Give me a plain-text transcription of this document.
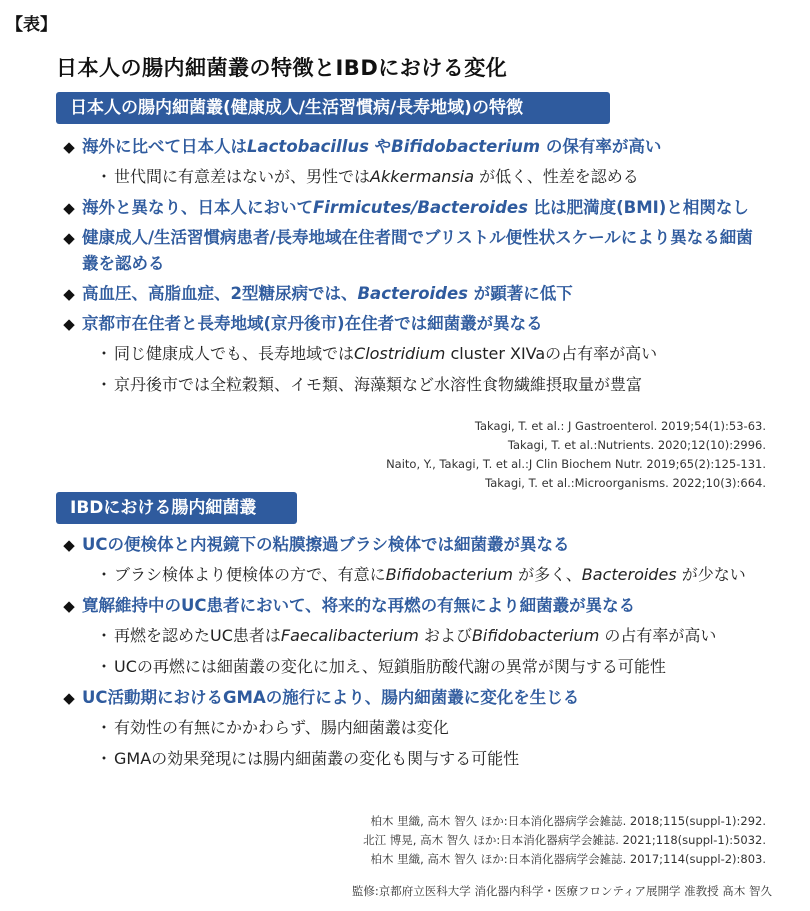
【表】
日本人の腸内細菌叢の特徴とIBDにおける変化
日本人の腸内細菌叢(健康成人/生活習慣病/長寿地域)の特徴
◆ 海外に比べて日本人はLactobacillus やBifidobacterium の保有率が高い
・ 世代間に有意差はないが、男性ではAkkermansia が低く、性差を認める
◆ 海外と異なり、日本人においてFirmicutes/Bacteroides 比は肥満度(BMI)と相関なし
◆ 健康成人/生活習慣病患者/長寿地域在住者間でブリストル便性状スケールにより異なる細菌叢を認める
◆ 高血圧、高脂血症、2型糖尿病では、Bacteroides が顕著に低下
◆ 京都市在住者と長寿地域(京丹後市)在住者では細菌叢が異なる
・ 同じ健康成人でも、長寿地域ではClostridium cluster XIVaの占有率が高い
・ 京丹後市では全粒穀類、イモ類、海藻類など水溶性食物繊維摂取量が豊富
Takagi, T. et al.: J Gastroenterol. 2019;54(1):53-63.
Takagi, T. et al.:Nutrients. 2020;12(10):2996.
Naito, Y., Takagi, T. et al.:J Clin Biochem Nutr. 2019;65(2):125-131.
Takagi, T. et al.:Microorganisms. 2022;10(3):664.
IBDにおける腸内細菌叢
◆ UCの便検体と内視鏡下の粘膜擦過ブラシ検体では細菌叢が異なる
・ ブラシ検体より便検体の方で、有意にBifidobacterium が多く、Bacteroides が少ない
◆ 寛解維持中のUC患者において、将来的な再燃の有無により細菌叢が異なる
・ 再燃を認めたUC患者はFaecalibacterium およびBifidobacterium の占有率が高い
・ UCの再燃には細菌叢の変化に加え、短鎖脂肪酸代謝の異常が関与する可能性
◆ UC活動期におけるGMAの施行により、腸内細菌叢に変化を生じる
・ 有効性の有無にかかわらず、腸内細菌叢は変化
・ GMAの効果発現には腸内細菌叢の変化も関与する可能性
柏木 里織, 高木 智久 ほか:日本消化器病学会雑誌. 2018;115(suppl-1):292.
北江 博晃, 高木 智久 ほか:日本消化器病学会雑誌. 2021;118(suppl-1):5032.
柏木 里織, 高木 智久 ほか:日本消化器病学会雑誌. 2017;114(suppl-2):803.
監修:京都府立医科大学 消化器内科学・医療フロンティア展開学 准教授 髙木 智久
